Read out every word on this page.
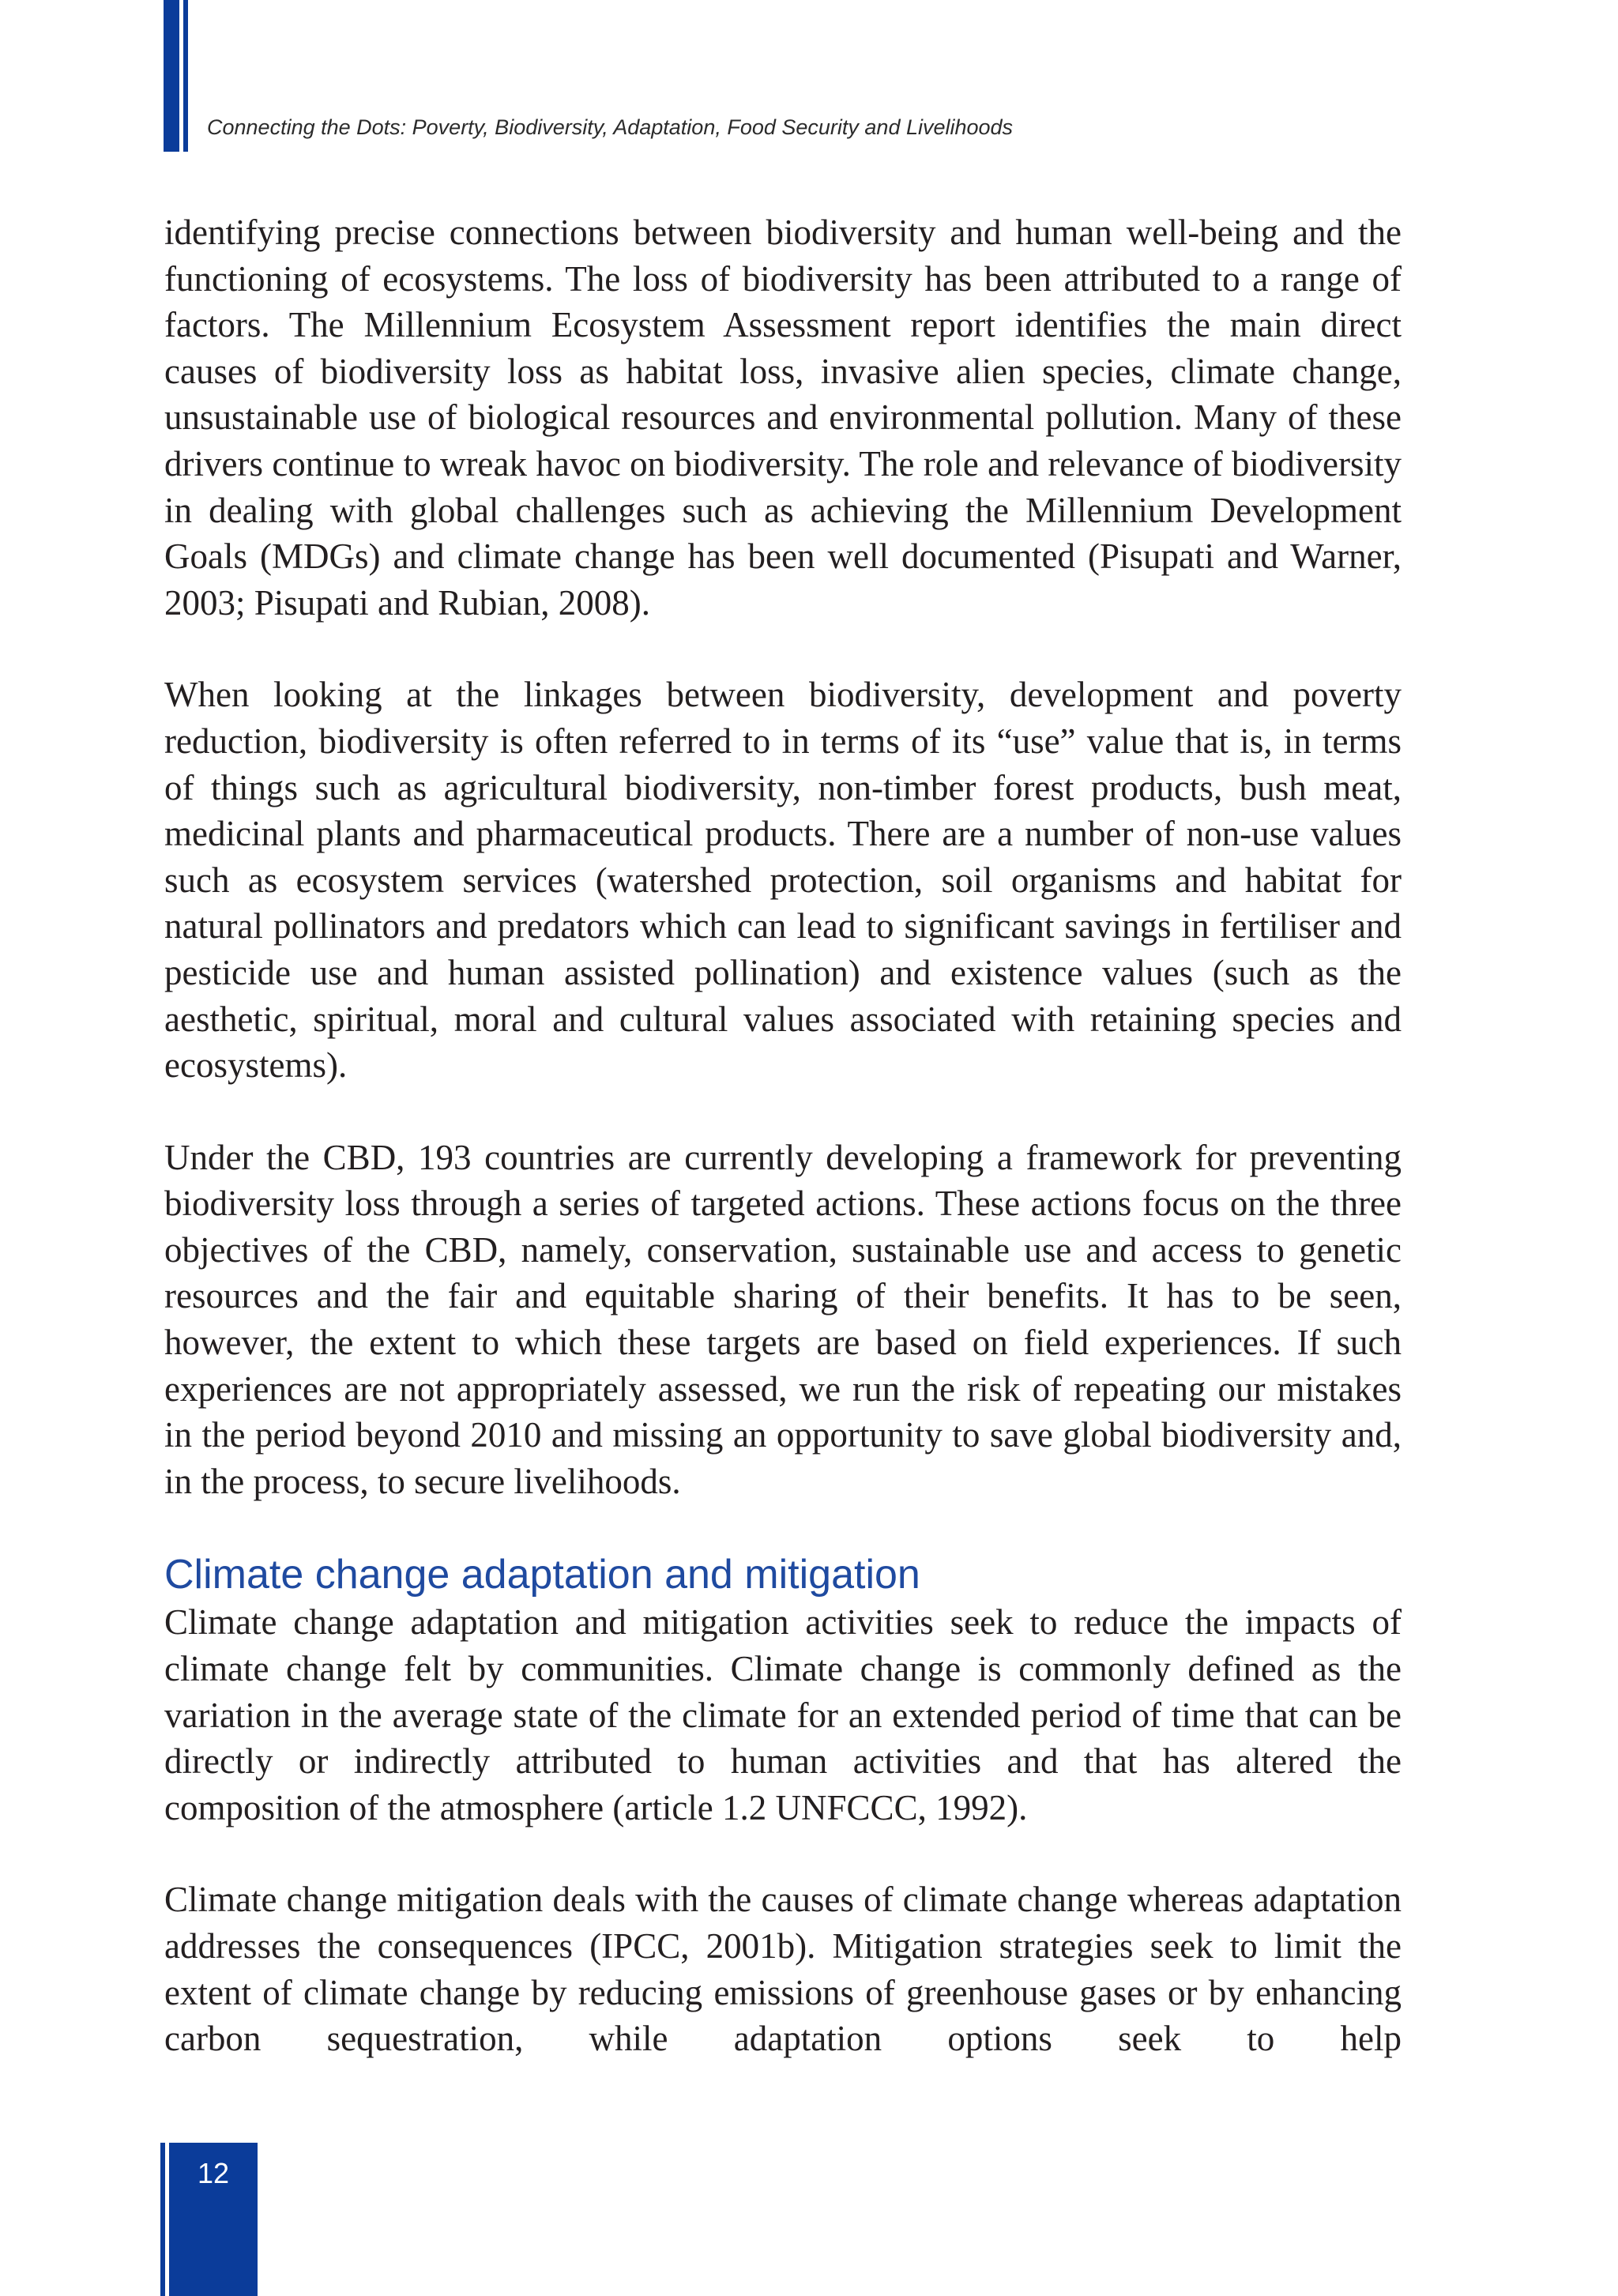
Connecting the Dots: Poverty, Biodiversity, Adaptation, Food Security and Livelihoods

identifying precise connections between biodiversity and human well-being and the functioning of ecosystems. The loss of biodiversity has been attributed to a range of factors. The Millennium Ecosystem Assessment report identifies the main direct causes of biodiversity loss as habitat loss, invasive alien species, climate change, unsustainable use of biological resources and environmental pollution. Many of these drivers continue to wreak havoc on biodiversity. The role and relevance of biodiversity in dealing with global challenges such as achieving the Millennium Development Goals (MDGs) and climate change has been well documented (Pisupati and Warner, 2003; Pisupati and Rubian, 2008).

When looking at the linkages between biodiversity, development and poverty reduction, biodiversity is often referred to in terms of its “use” value that is, in terms of things such as agricultural biodiversity, non-timber forest products, bush meat, medicinal plants and pharmaceutical products. There are a number of non-use values such as ecosystem services (watershed protection, soil organisms and habitat for natural pollinators and predators which can lead to significant savings in fertiliser and pesticide use and human assisted pollination) and existence values (such as the aesthetic, spiritual, moral and cultural values associated with retaining species and ecosystems).

Under the CBD, 193 countries are currently developing a framework for preventing biodiversity loss through a series of targeted actions. These actions focus on the three objectives of the CBD, namely, conservation, sustainable use and access to genetic resources and the fair and equitable sharing of their benefits. It has to be seen, however, the extent to which these targets are based on field experiences. If such experiences are not appropriately assessed, we run the risk of repeating our mistakes in the period beyond 2010 and missing an opportunity to save global biodiversity and, in the process, to secure livelihoods.

Climate change adaptation and mitigation

Climate change adaptation and mitigation activities seek to reduce the impacts of climate change felt by communities. Climate change is commonly defined as the variation in the average state of the climate for an extended period of time that can be directly or indirectly attributed to human activities and that has altered the composition of the atmosphere (article 1.2 UNFCCC, 1992).

Climate change mitigation deals with the causes of climate change whereas adaptation addresses the consequences (IPCC, 2001b). Mitigation strategies seek to limit the extent of climate change by reducing emissions of greenhouse gases or by enhancing carbon sequestration, while adaptation options seek to help

12
